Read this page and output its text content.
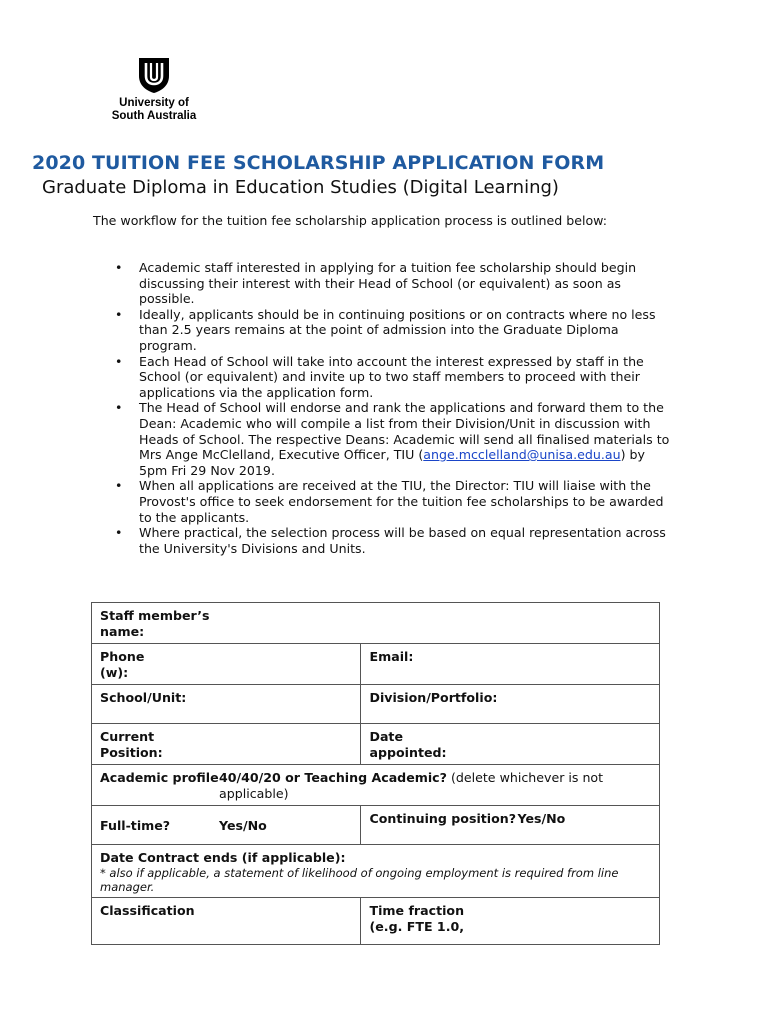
University of
South Australia
2020 TUITION FEE SCHOLARSHIP APPLICATION FORM
Graduate Diploma in Education Studies (Digital Learning)
The workflow for the tuition fee scholarship application process is outlined below:
• Academic staff interested in applying for a tuition fee scholarship should begin discussing their interest with their Head of School (or equivalent) as soon as possible.
• Ideally, applicants should be in continuing positions or on contracts where no less than 2.5 years remains at the point of admission into the Graduate Diploma program.
• Each Head of School will take into account the interest expressed by staff in the School (or equivalent) and invite up to two staff members to proceed with their applications via the application form.
• The Head of School will endorse and rank the applications and forward them to the Dean: Academic who will compile a list from their Division/Unit in discussion with Heads of School. The respective Deans: Academic will send all finalised materials to Mrs Ange McClelland, Executive Officer, TIU (ange.mcclelland@unisa.edu.au) by 5pm Fri 29 Nov 2019.
• When all applications are received at the TIU, the Director: TIU will liaise with the Provost's office to seek endorsement for the tuition fee scholarships to be awarded to the applicants.
• Where practical, the selection process will be based on equal representation across the University's Divisions and Units.
Staff member’s name:	
Phone (w):	Email:
School/Unit:	Division/Portfolio:
Current Position:	Date appointed:

Academic profile 40/40/20 or Teaching Academic? (delete whichever is not applicable)	

Full-time? Yes/No	Continuing position? Yes/No

Date Contract ends (if applicable):
* also if applicable, a statement of likelihood of ongoing employment is required from line manager.	

Classification	Time fraction (e.g. FTE 1.0,
